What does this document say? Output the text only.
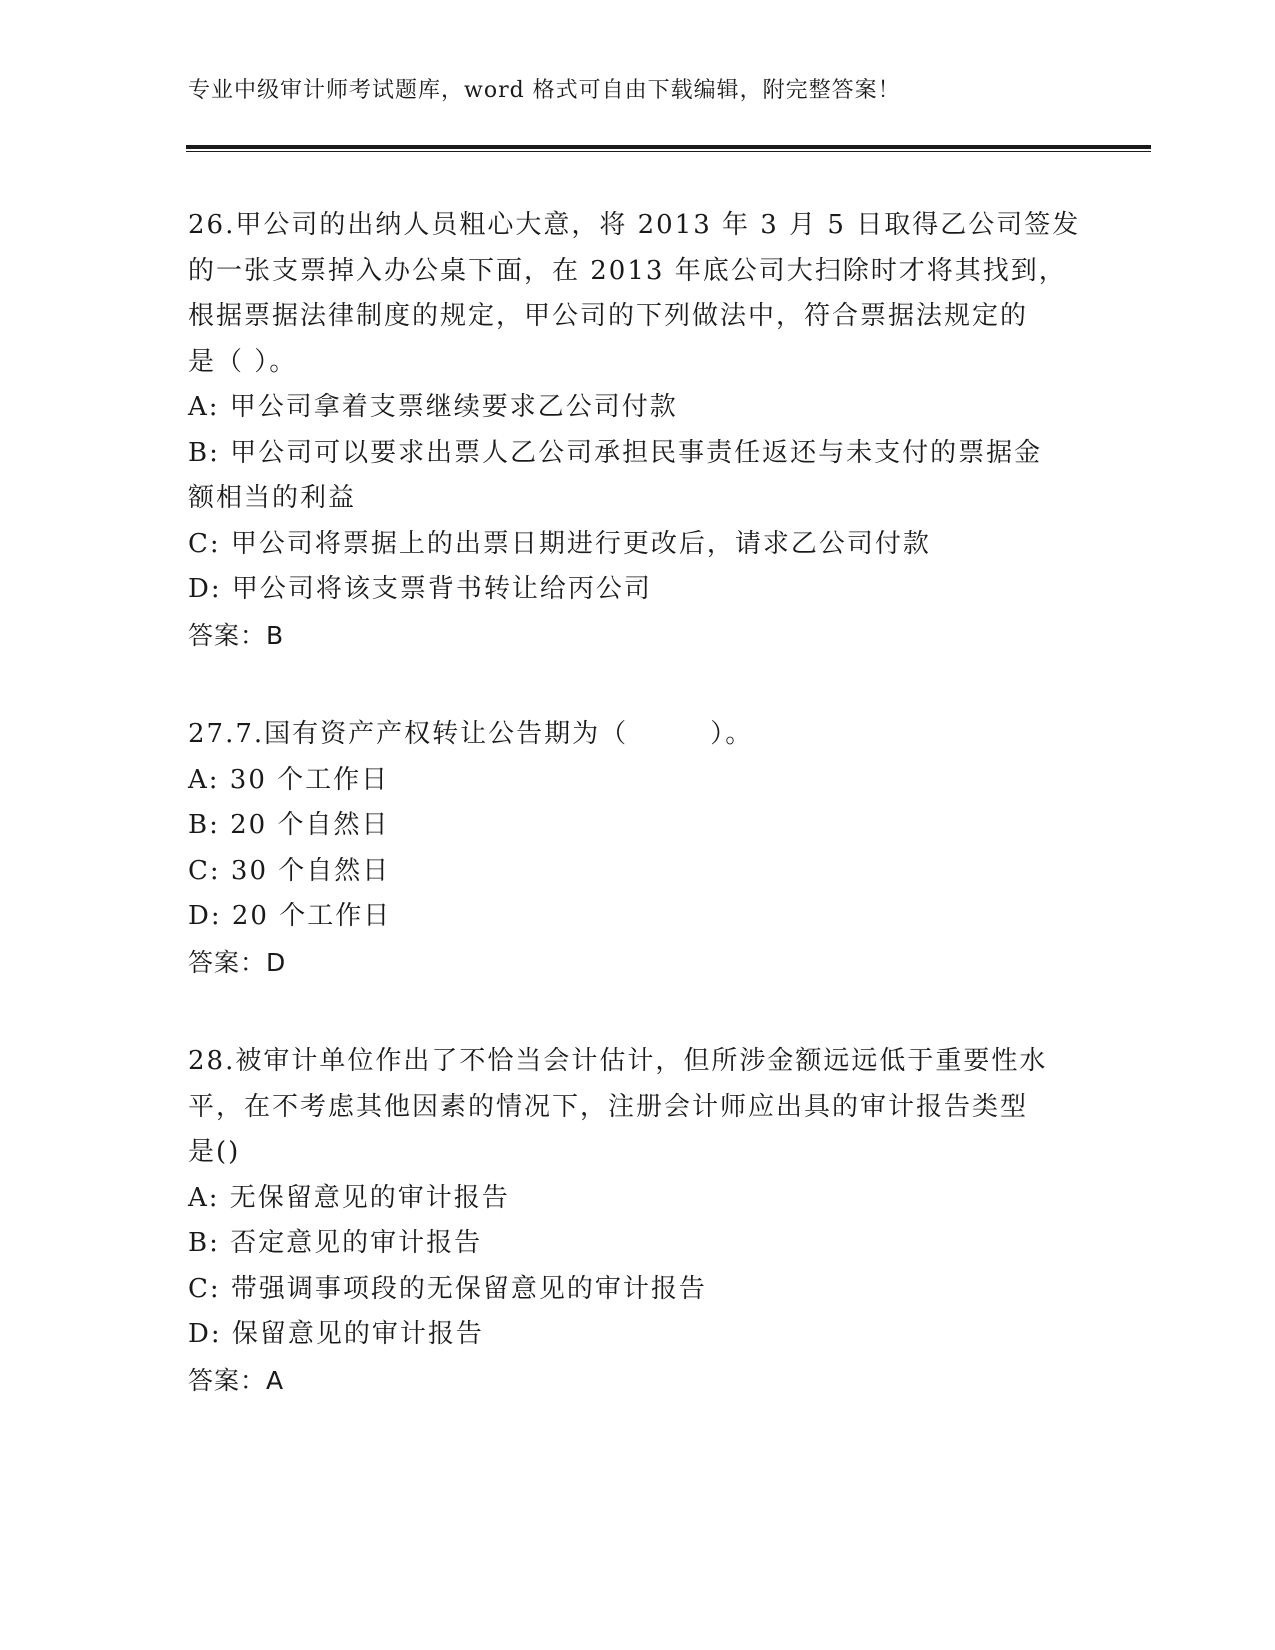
专业中级审计师考试题库，word 格式可自由下载编辑，附完整答案！
26.甲公司的出纳人员粗心大意，将 2013 年 3 月 5 日取得乙公司签发
的一张支票掉入办公桌下面，在 2013 年底公司大扫除时才将其找到，
根据票据法律制度的规定，甲公司的下列做法中，符合票据法规定的
是（ ）。
A: 甲公司拿着支票继续要求乙公司付款
B: 甲公司可以要求出票人乙公司承担民事责任返还与未支付的票据金
额相当的利益
C: 甲公司将票据上的出票日期进行更改后，请求乙公司付款
D: 甲公司将该支票背书转让给丙公司
答案：B
27.7.国有资产产权转让公告期为（        ）。
A: 30 个工作日
B: 20 个自然日
C: 30 个自然日
D: 20 个工作日
答案：D
28.被审计单位作出了不恰当会计估计，但所涉金额远远低于重要性水
平，在不考虑其他因素的情况下，注册会计师应出具的审计报告类型
是()
A: 无保留意见的审计报告
B: 否定意见的审计报告
C: 带强调事项段的无保留意见的审计报告
D: 保留意见的审计报告
答案：A
